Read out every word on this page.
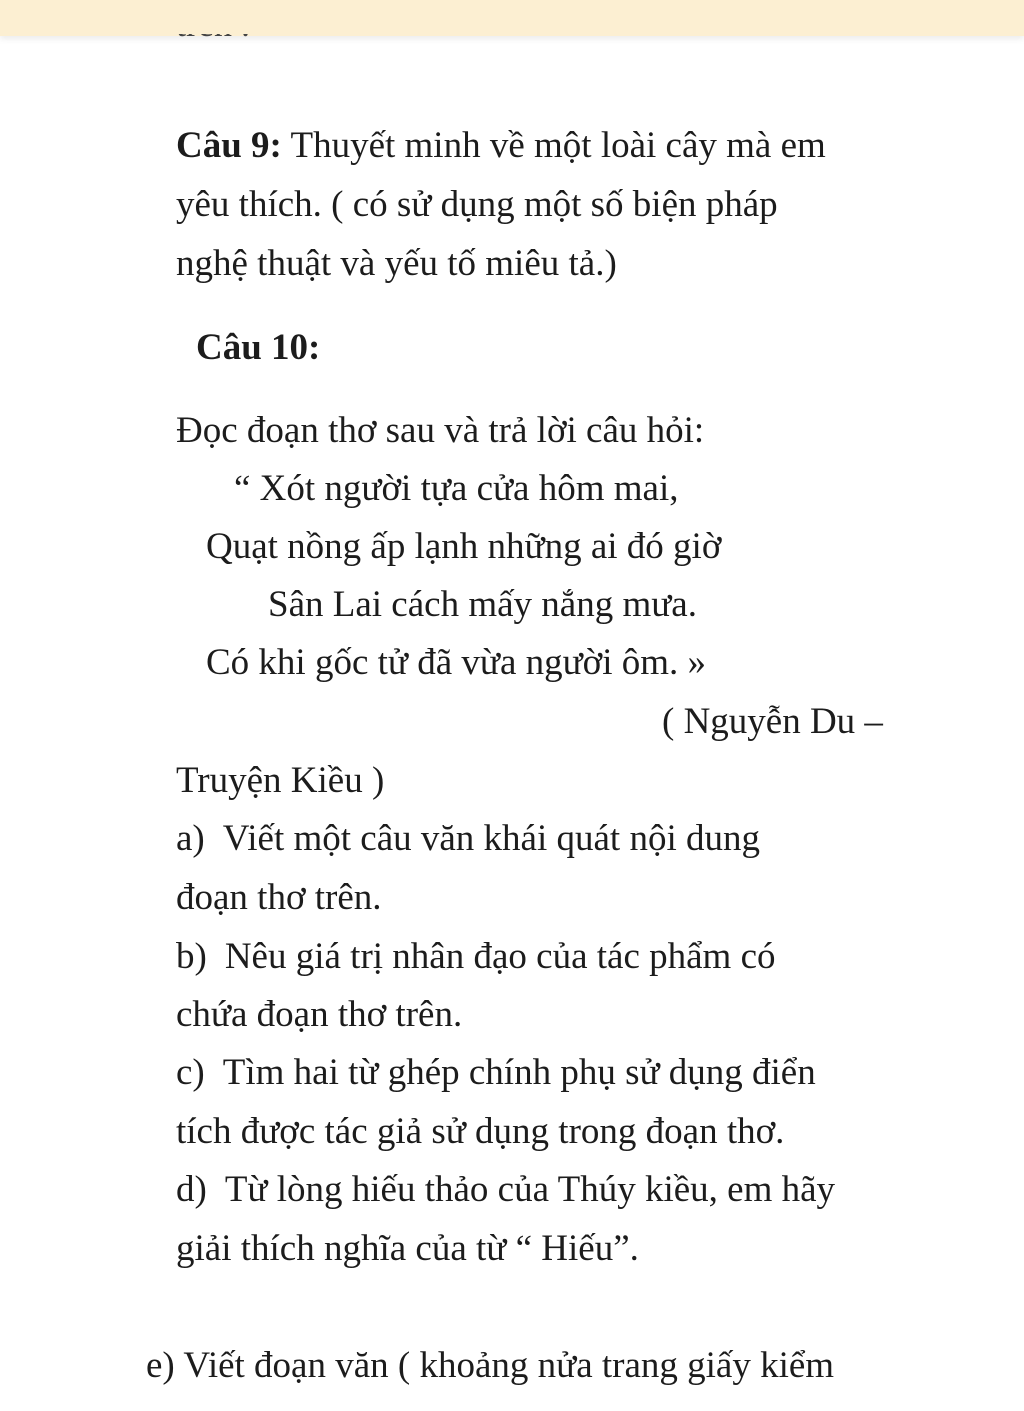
Câu 9: Thuyết minh về một loài cây mà em
yêu thích. ( có sử dụng một số biện pháp
nghệ thuật và yếu tố miêu tả.)
Câu 10:
Đọc đoạn thơ sau và trả lời câu hỏi:
“ Xót người tựa cửa hôm mai,
Quạt nồng ấp lạnh những ai đó giờ
Sân Lai cách mấy nắng mưa.
Có khi gốc tử đã vừa người ôm. »
( Nguyễn Du –
Truyện Kiều )
a) Viết một câu văn khái quát nội dung
đoạn thơ trên.
b) Nêu giá trị nhân đạo của tác phẩm có
chứa đoạn thơ trên.
c) Tìm hai từ ghép chính phụ sử dụng điển
tích được tác giả sử dụng trong đoạn thơ.
d) Từ lòng hiếu thảo của Thúy kiều, em hãy
giải thích nghĩa của từ “ Hiếu”.
e) Viết đoạn văn ( khoảng nửa trang giấy kiểm
